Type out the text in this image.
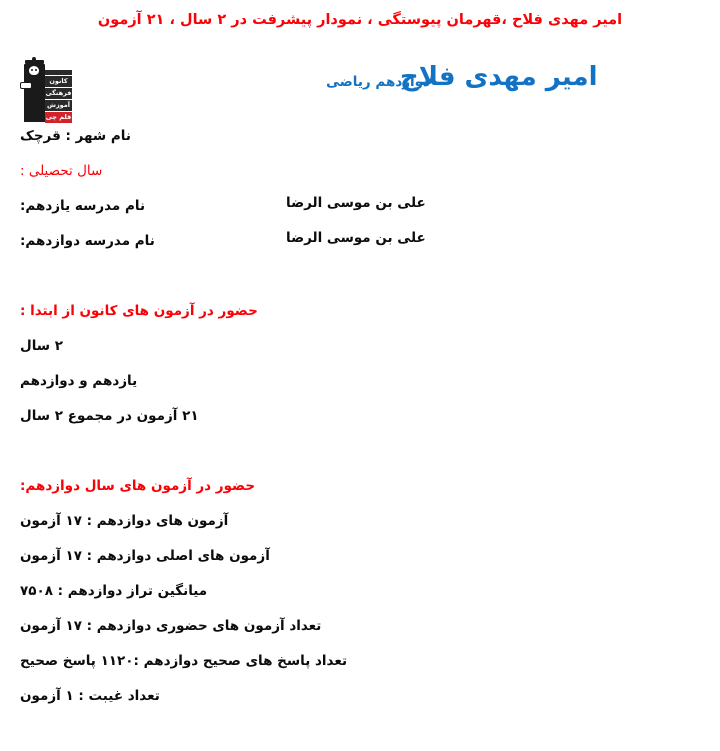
امیر مهدی فلاح ،قهرمان پیوستگی ، نمودار پیشرفت در ۲ سال ، ۲۱ آزمون
کانون
فرهنگی
آموزش
قلم چی
امیر مهدی فلاح
دوازدهم ریاضی
نام شهر : قرچک
سال تحصیلی :
نام مدرسه یازدهم:	علی بن موسی الرضا
نام مدرسه دوازدهم:	علی بن موسی الرضا
حضور در آزمون های کانون از ابتدا :
۲ سال
یازدهم و دوازدهم
۲۱ آزمون در مجموع ۲ سال
حضور در آزمون های سال دوازدهم:
آزمون های دوازدهم : ۱۷ آزمون
آزمون های اصلی دوازدهم : ۱۷ آزمون
میانگین تراز دوازدهم : ۷۵۰۸
تعداد آزمون های حضوری دوازدهم : ۱۷ آزمون
تعداد پاسخ های صحیح دوازدهم :۱۱۲۰ پاسخ صحیح
تعداد غیبت : ۱ آزمون
